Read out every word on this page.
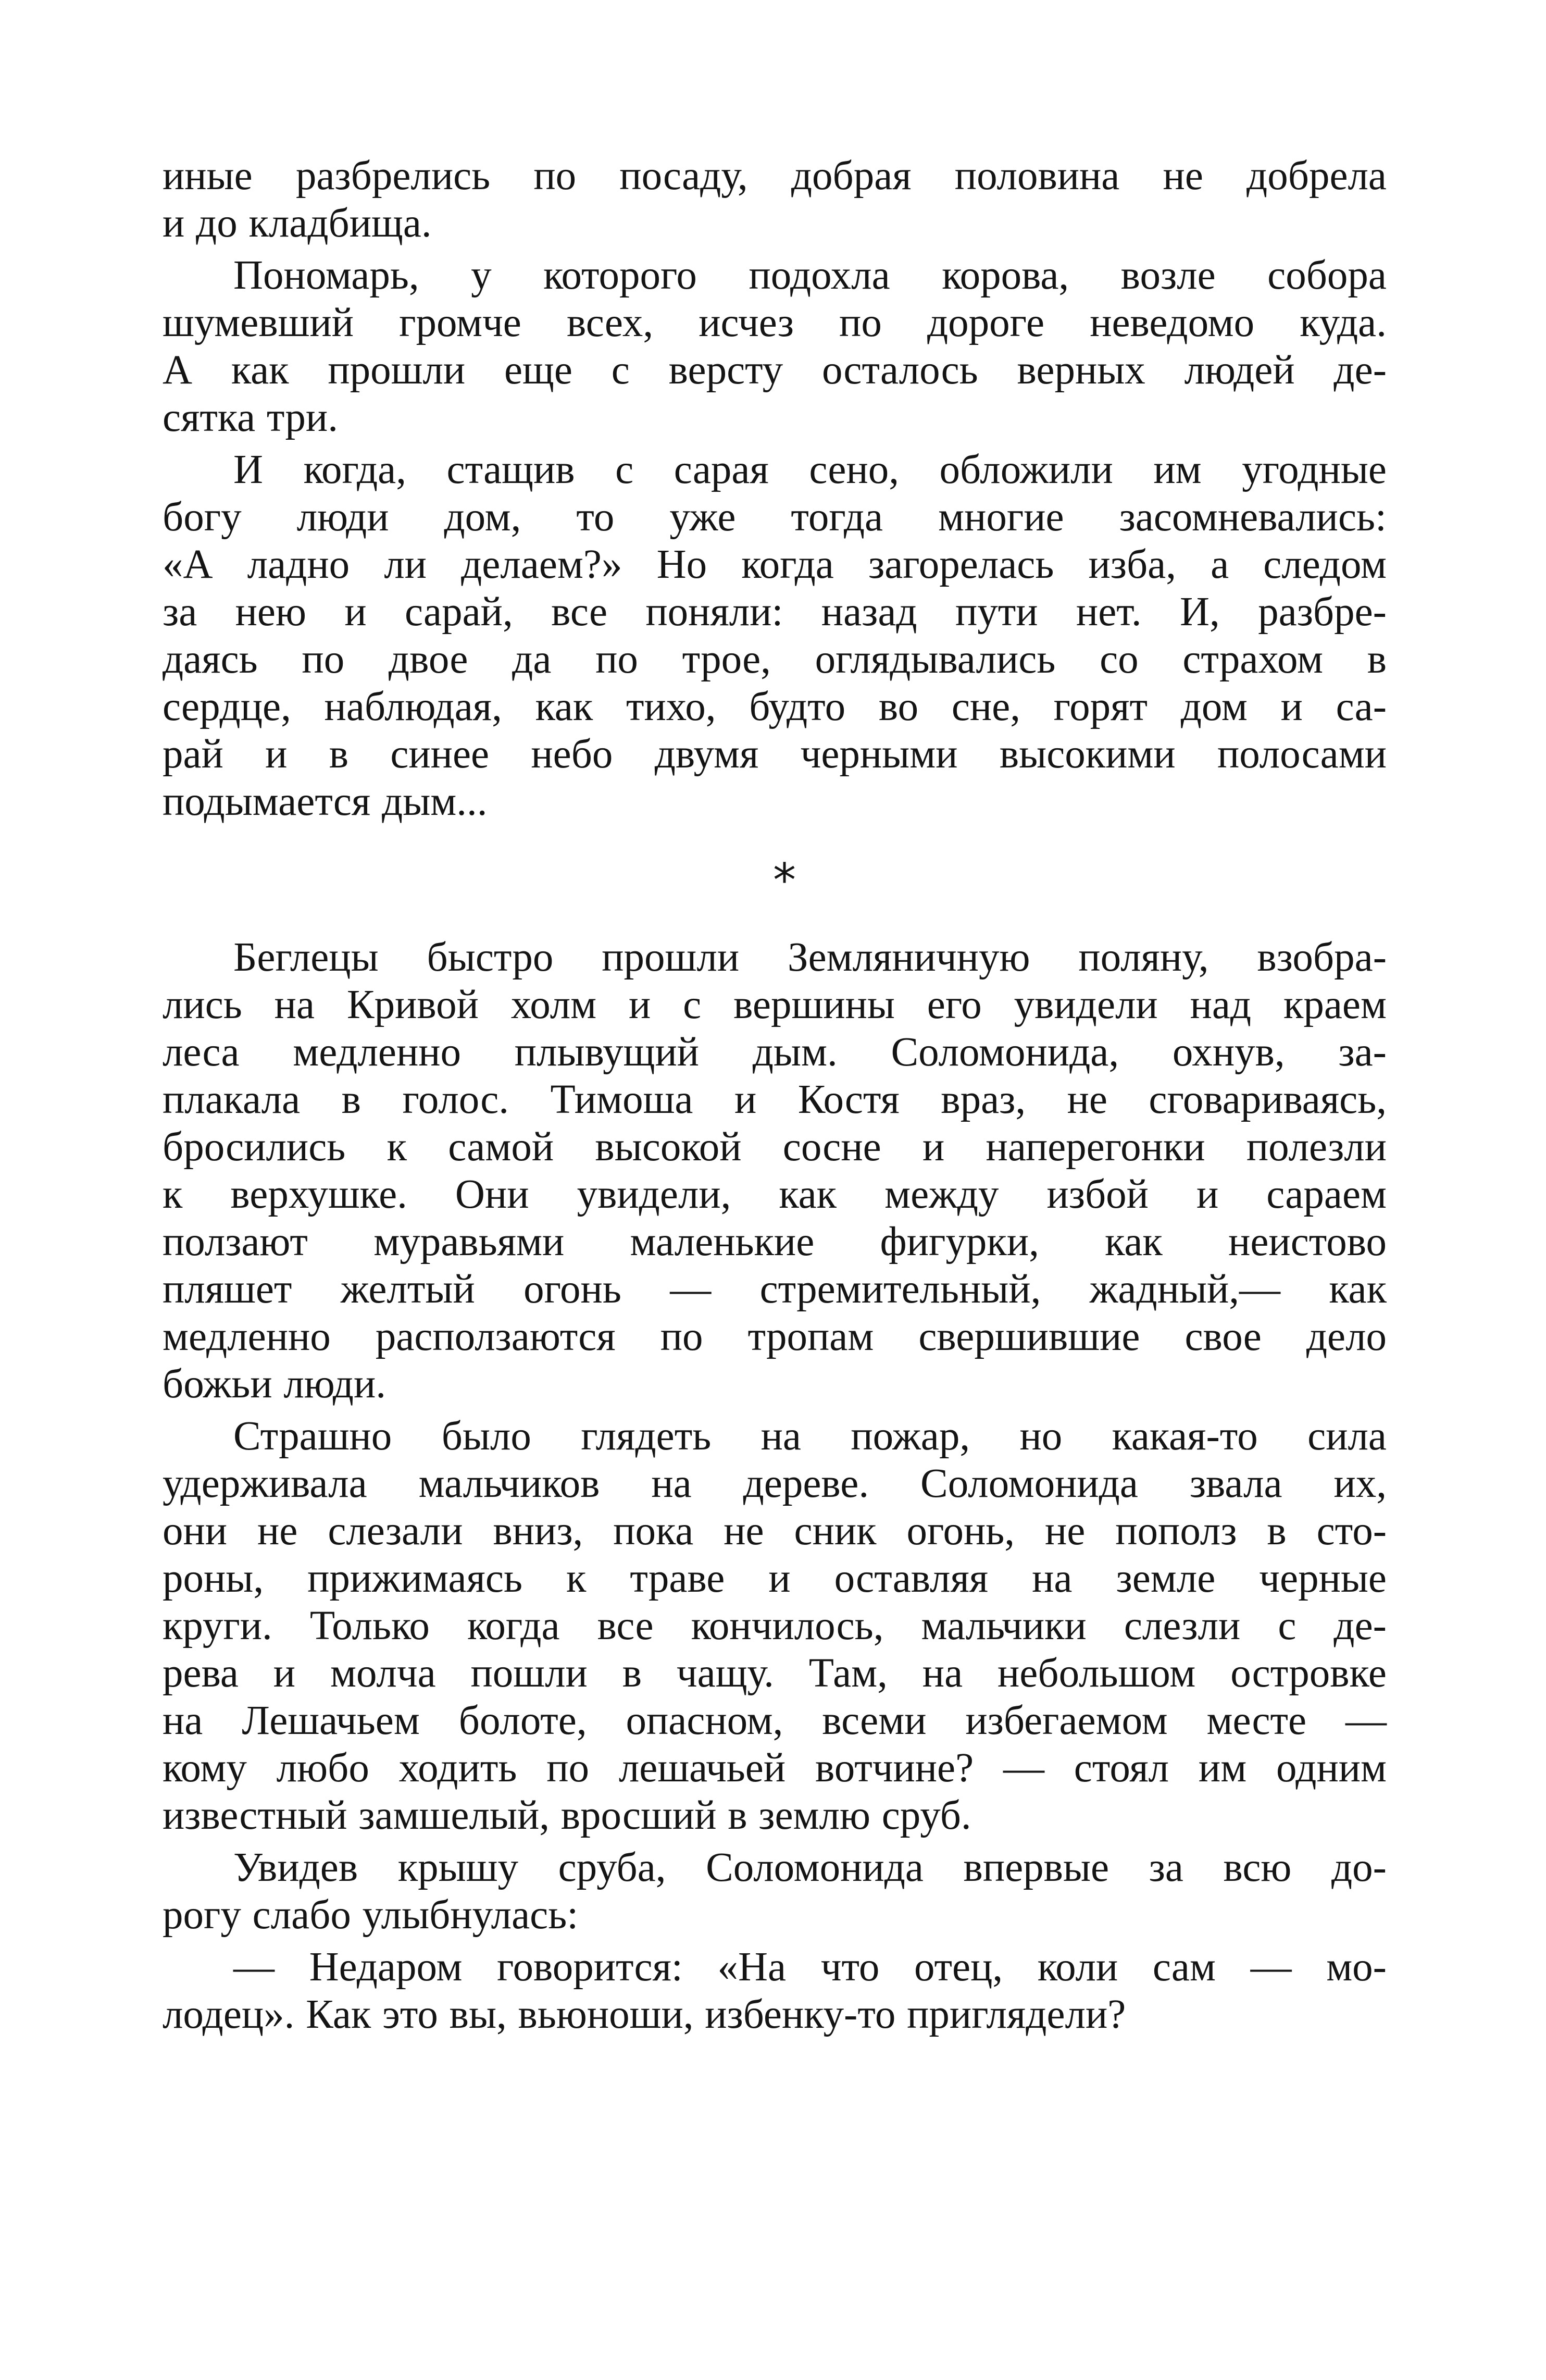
иные разбрелись по посаду, добрая половина не добрела
и до кладбища.
Пономарь, у которого подохла корова, возле собора
шумевший громче всех, исчез по дороге неведомо куда.
А как прошли еще с версту осталось верных людей де-
сятка три.
И когда, стащив с сарая сено, обложили им угодные
богу люди дом, то уже тогда многие засомневались:
«А ладно ли делаем?» Но когда загорелась изба, а следом
за нею и сарай, все поняли: назад пути нет. И, разбре-
даясь по двое да по трое, оглядывались со страхом в
сердце, наблюдая, как тихо, будто во сне, горят дом и са-
рай и в синее небо двумя черными высокими полосами
подымается дым...
*
Беглецы быстро прошли Земляничную поляну, взобра-
лись на Кривой холм и с вершины его увидели над краем
леса медленно плывущий дым. Соломонида, охнув, за-
плакала в голос. Тимоша и Костя враз, не сговариваясь,
бросились к самой высокой сосне и наперегонки полезли
к верхушке. Они увидели, как между избой и сараем
ползают муравьями маленькие фигурки, как неистово
пляшет желтый огонь — стремительный, жадный,— как
медленно расползаются по тропам свершившие свое дело
божьи люди.
Страшно было глядеть на пожар, но какая-то сила
удерживала мальчиков на дереве. Соломонида звала их,
они не слезали вниз, пока не сник огонь, не пополз в сто-
роны, прижимаясь к траве и оставляя на земле черные
круги. Только когда все кончилось, мальчики слезли с де-
рева и молча пошли в чащу. Там, на небольшом островке
на Лешачьем болоте, опасном, всеми избегаемом месте —
кому любо ходить по лешачьей вотчине? — стоял им одним
известный замшелый, вросший в землю сруб.
Увидев крышу сруба, Соломонида впервые за всю до-
рогу слабо улыбнулась:
— Недаром говорится: «На что отец, коли сам — мо-
лодец». Как это вы, вьюноши, избенку-то приглядели?
